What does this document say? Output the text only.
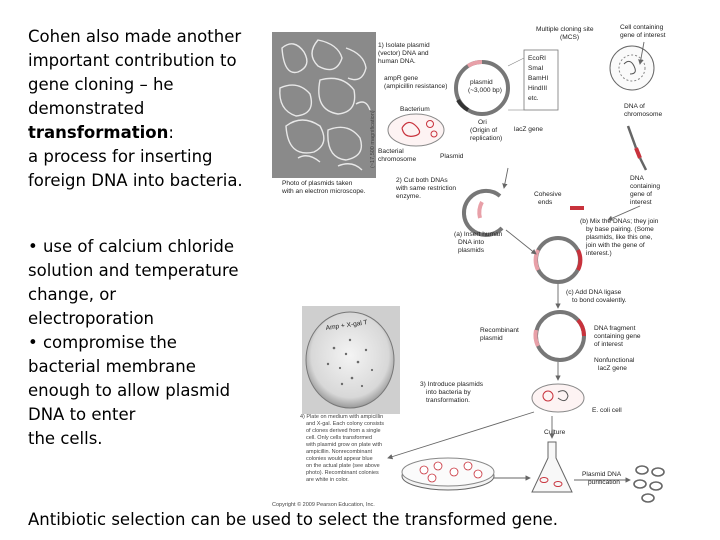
Cohen also made another
important contribution to
gene cloning – he
demonstrated
transformation:
a process for inserting
foreign DNA into bacteria.
• use of calcium chloride
solution and temperature
change, or
electroporation
• compromise the
bacterial membrane
enough to allow plasmid
DNA to enter
the cells.
Antibiotic selection can be used to select the transformed gene.
(~17,500 magnification)
Photo of plasmids taken
with an electron microscope.
1) Isolate plasmid
(vector) DNA and
human DNA.
ampR gene
(ampicillin resistance)
plasmid
(~3,000 bp)
Bacterium
Bacterial
chromosome	Plasmid
Ori
(Origin of
replication)
lacZ gene
Multiple cloning site
(MCS)
EcoRI
SmaI
BamHI
HindIII
etc.
Cell containing
gene of interest
DNA of
chromosome
DNA
containing
gene of
interest
2) Cut both DNAs
with same restriction
enzyme.	Cohesive
ends
(b) Mix the DNAs; they join
by base pairing. (Some
plasmids, like this one,
join with the gene of
interest.)
(a) Insert human
DNA into
plasmids
(c) Add DNA ligase
to bond covalently.
Recombinant
plasmid
DNA fragment
containing gene
of interest
Nonfunctional
lacZ gene
3) Introduce plasmids
into bacteria by
transformation.
E. coli cell
Amp + X-gal T
4) Plate on medium with ampicillin
and X-gal. Each colony consists
of clones derived from a single
cell. Only cells transformed
with plasmid grow on plate with
ampicillin. Nonrecombinant
colonies would appear blue
on the actual plate (see above
photo). Recombinant colonies
are white in color.
Culture
Plasmid DNA
purification
Copyright © 2009 Pearson Education, Inc.
